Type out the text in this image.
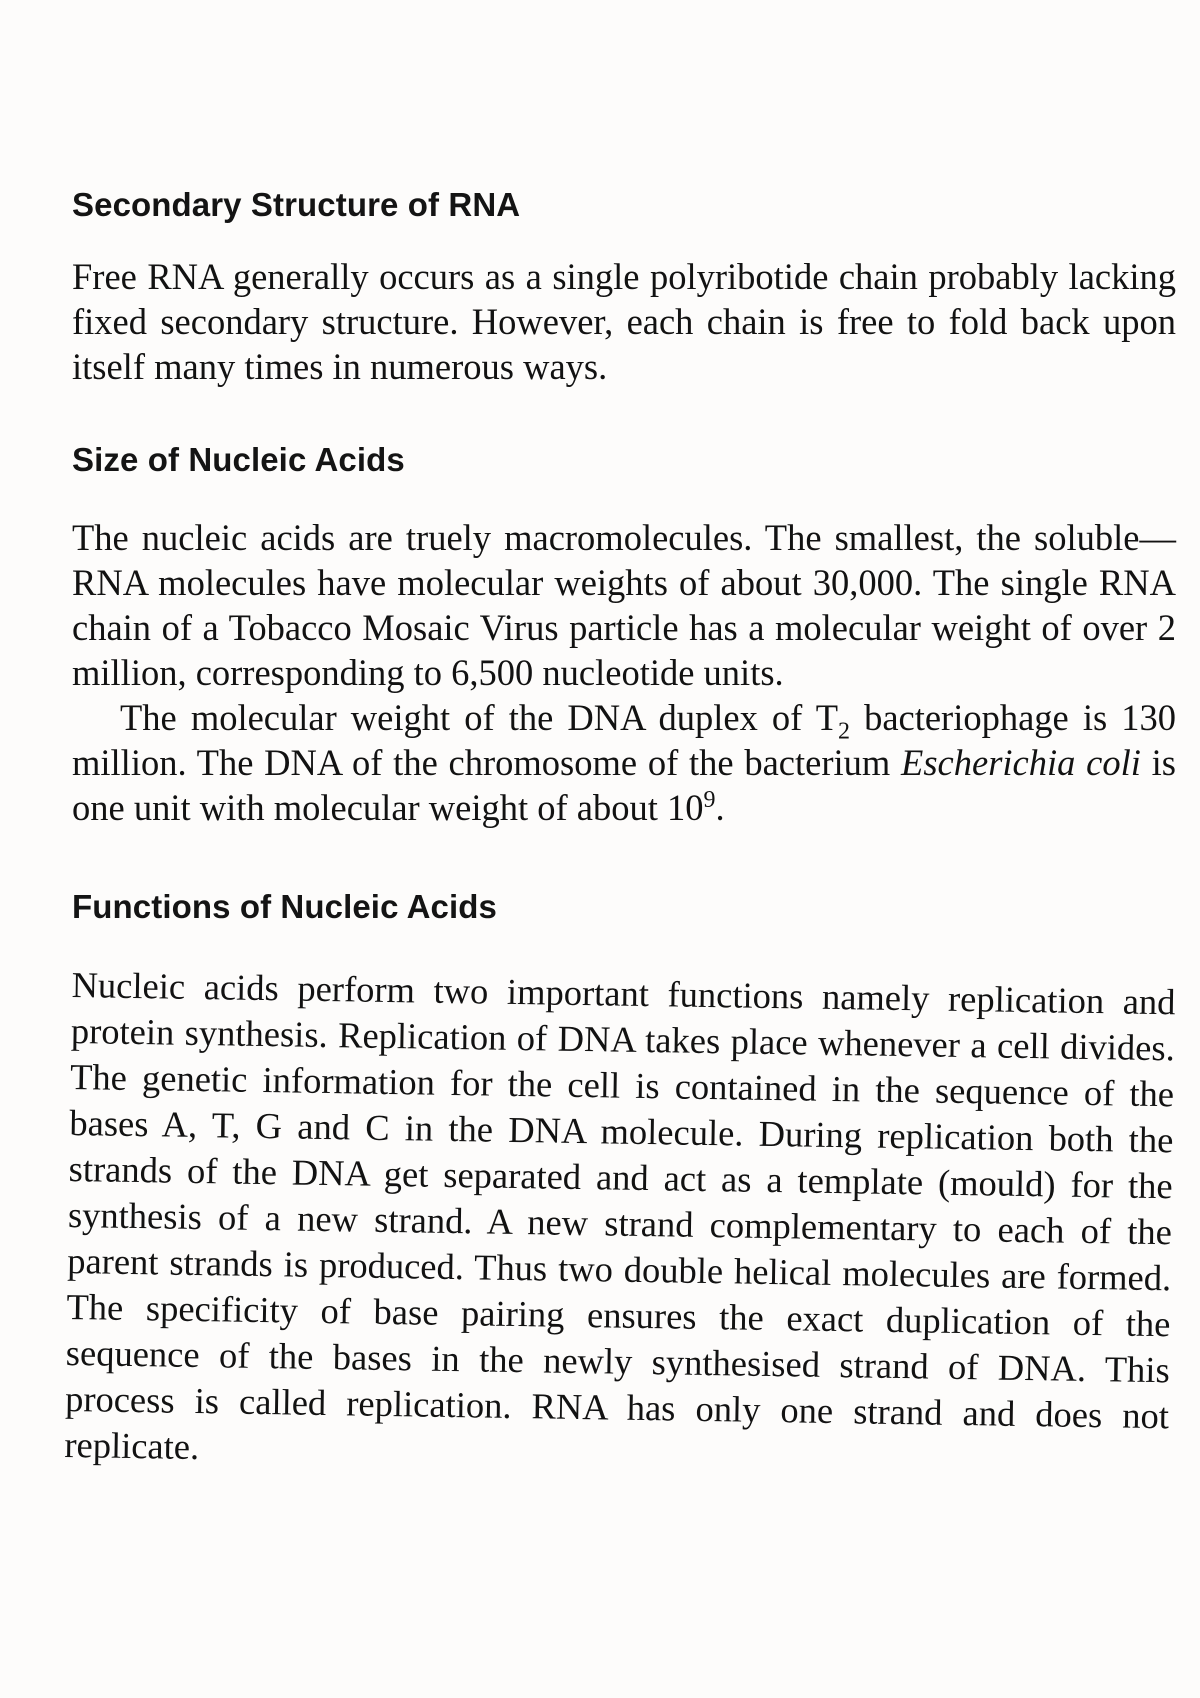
Secondary Structure of RNA

Free RNA generally occurs as a single polyribotide chain probably lacking fixed secondary structure. However, each chain is free to fold back upon itself many times in numerous ways.

Size of Nucleic Acids

The nucleic acids are truely macromolecules. The smallest, the soluble—RNA molecules have molecular weights of about 30,000. The single RNA chain of a Tobacco Mosaic Virus particle has a molecular weight of over 2 million, corresponding to 6,500 nucleotide units.

The molecular weight of the DNA duplex of $T_2$ bacteriophage is 130 million. The DNA of the chromosome of the bacterium Escherichia coli is one unit with molecular weight of about $10^9$.

Functions of Nucleic Acids

Nucleic acids perform two important functions namely replication and protein synthesis. Replication of DNA takes place whenever a cell divides. The genetic information for the cell is contained in the sequence of the bases A, T, G and C in the DNA molecule. During replication both the strands of the DNA get separated and act as a template (mould) for the synthesis of a new strand. A new strand complementary to each of the parent strands is produced. Thus two double helical molecules are formed. The specificity of base pairing ensures the exact duplication of the sequence of the bases in the newly synthesised strand of DNA. This process is called replication. RNA has only one strand and does not replicate.
